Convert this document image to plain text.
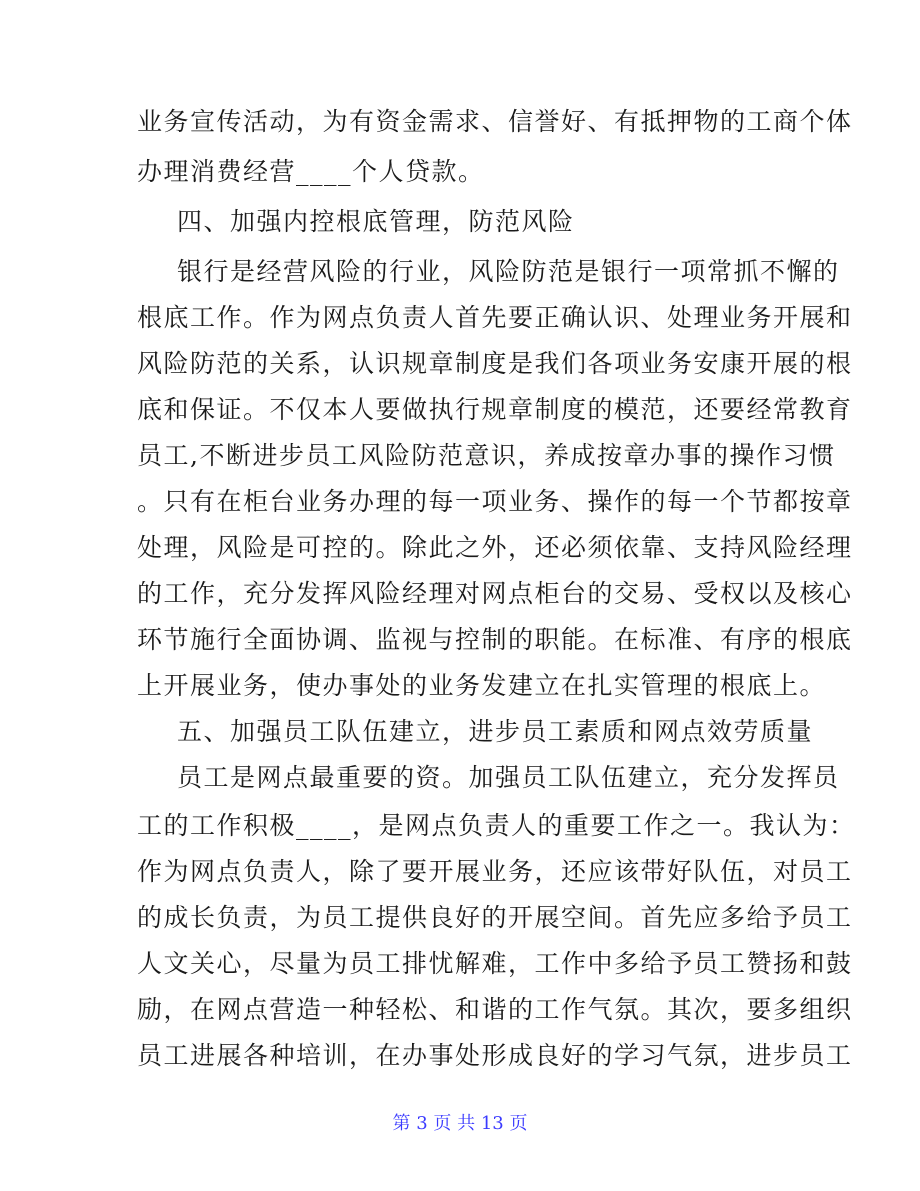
业务宣传活动，为有资金需求、信誉好、有抵押物的工商个体
办理消费经营____个人贷款。
四、加强内控根底管理，防范风险
银行是经营风险的行业，风险防范是银行一项常抓不懈的
根底工作。作为网点负责人首先要正确认识、处理业务开展和
风险防范的关系，认识规章制度是我们各项业务安康开展的根
底和保证。不仅本人要做执行规章制度的模范，还要经常教育
员工,不断进步员工风险防范意识，养成按章办事的操作习惯
。只有在柜台业务办理的每一项业务、操作的每一个节都按章
处理，风险是可控的。除此之外，还必须依靠、支持风险经理
的工作，充分发挥风险经理对网点柜台的交易、受权以及核心
环节施行全面协调、监视与控制的职能。在标准、有序的根底
上开展业务，使办事处的业务发建立在扎实管理的根底上。
五、加强员工队伍建立，进步员工素质和网点效劳质量
员工是网点最重要的资。加强员工队伍建立，充分发挥员
工的工作积极____，是网点负责人的重要工作之一。我认为：
作为网点负责人，除了要开展业务，还应该带好队伍，对员工
的成长负责，为员工提供良好的开展空间。首先应多给予员工
人文关心，尽量为员工排忧解难，工作中多给予员工赞扬和鼓
励，在网点营造一种轻松、和谐的工作气氛。其次，要多组织
员工进展各种培训，在办事处形成良好的学习气氛，进步员工
第 3 页 共 13 页
